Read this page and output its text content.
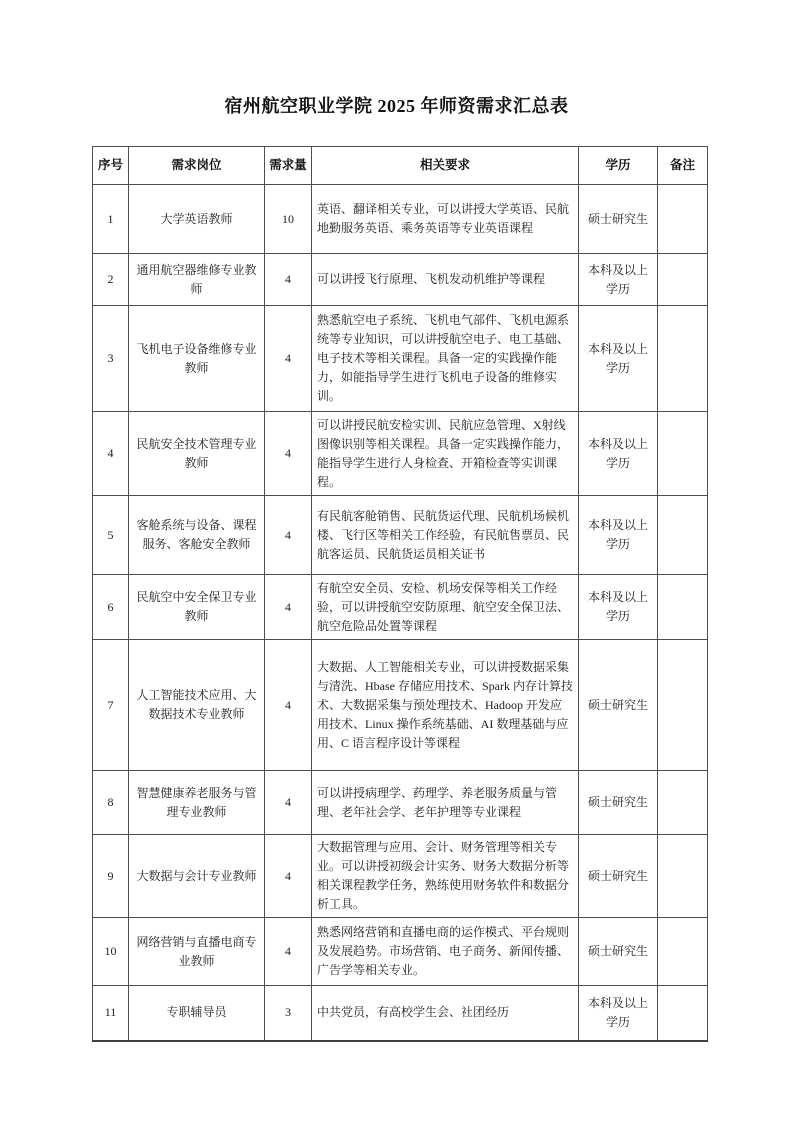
宿州航空职业学院 2025 年师资需求汇总表
序号	需求岗位	需求量	相关要求	学历	备注
1	大学英语教师	10	英语、翻译相关专业，可以讲授大学英语、民航地勤服务英语、乘务英语等专业英语课程	硕士研究生	
2	通用航空器维修专业教师	4	可以讲授飞行原理、飞机发动机维护等课程	本科及以上学历	
3	飞机电子设备维修专业教师	4	熟悉航空电子系统、飞机电气部件、飞机电源系统等专业知识，可以讲授航空电子、电工基础、电子技术等相关课程。具备一定的实践操作能力，如能指导学生进行飞机电子设备的维修实训。	本科及以上学历	
4	民航安全技术管理专业教师	4	可以讲授民航安检实训、民航应急管理、X射线图像识别等相关课程。具备一定实践操作能力，能指导学生进行人身检查、开箱检查等实训课程。	本科及以上学历	
5	客舱系统与设备、课程服务、客舱安全教师	4	有民航客舱销售、民航货运代理、民航机场候机楼、飞行区等相关工作经验，有民航售票员、民航客运员、民航货运员相关证书	本科及以上学历	
6	民航空中安全保卫专业教师	4	有航空安全员、安检、机场安保等相关工作经验，可以讲授航空安防原理、航空安全保卫法、航空危险品处置等课程	本科及以上学历	
7	人工智能技术应用、大数据技术专业教师	4	大数据、人工智能相关专业，可以讲授数据采集与清洗、Hbase 存储应用技术、Spark 内存计算技术、大数据采集与预处理技术、Hadoop 开发应用技术、Linux 操作系统基础、AI 数理基础与应用、C 语言程序设计等课程	硕士研究生	
8	智慧健康养老服务与管理专业教师	4	可以讲授病理学、药理学、养老服务质量与管理、老年社会学、老年护理等专业课程	硕士研究生	
9	大数据与会计专业教师	4	大数据管理与应用、会计、财务管理等相关专业。可以讲授初级会计实务、财务大数据分析等相关课程教学任务，熟练使用财务软件和数据分析工具。	硕士研究生	
10	网络营销与直播电商专业教师	4	熟悉网络营销和直播电商的运作模式、平台规则及发展趋势。市场营销、电子商务、新闻传播、广告学等相关专业。	硕士研究生	
11	专职辅导员	3	中共党员，有高校学生会、社团经历	本科及以上学历	
